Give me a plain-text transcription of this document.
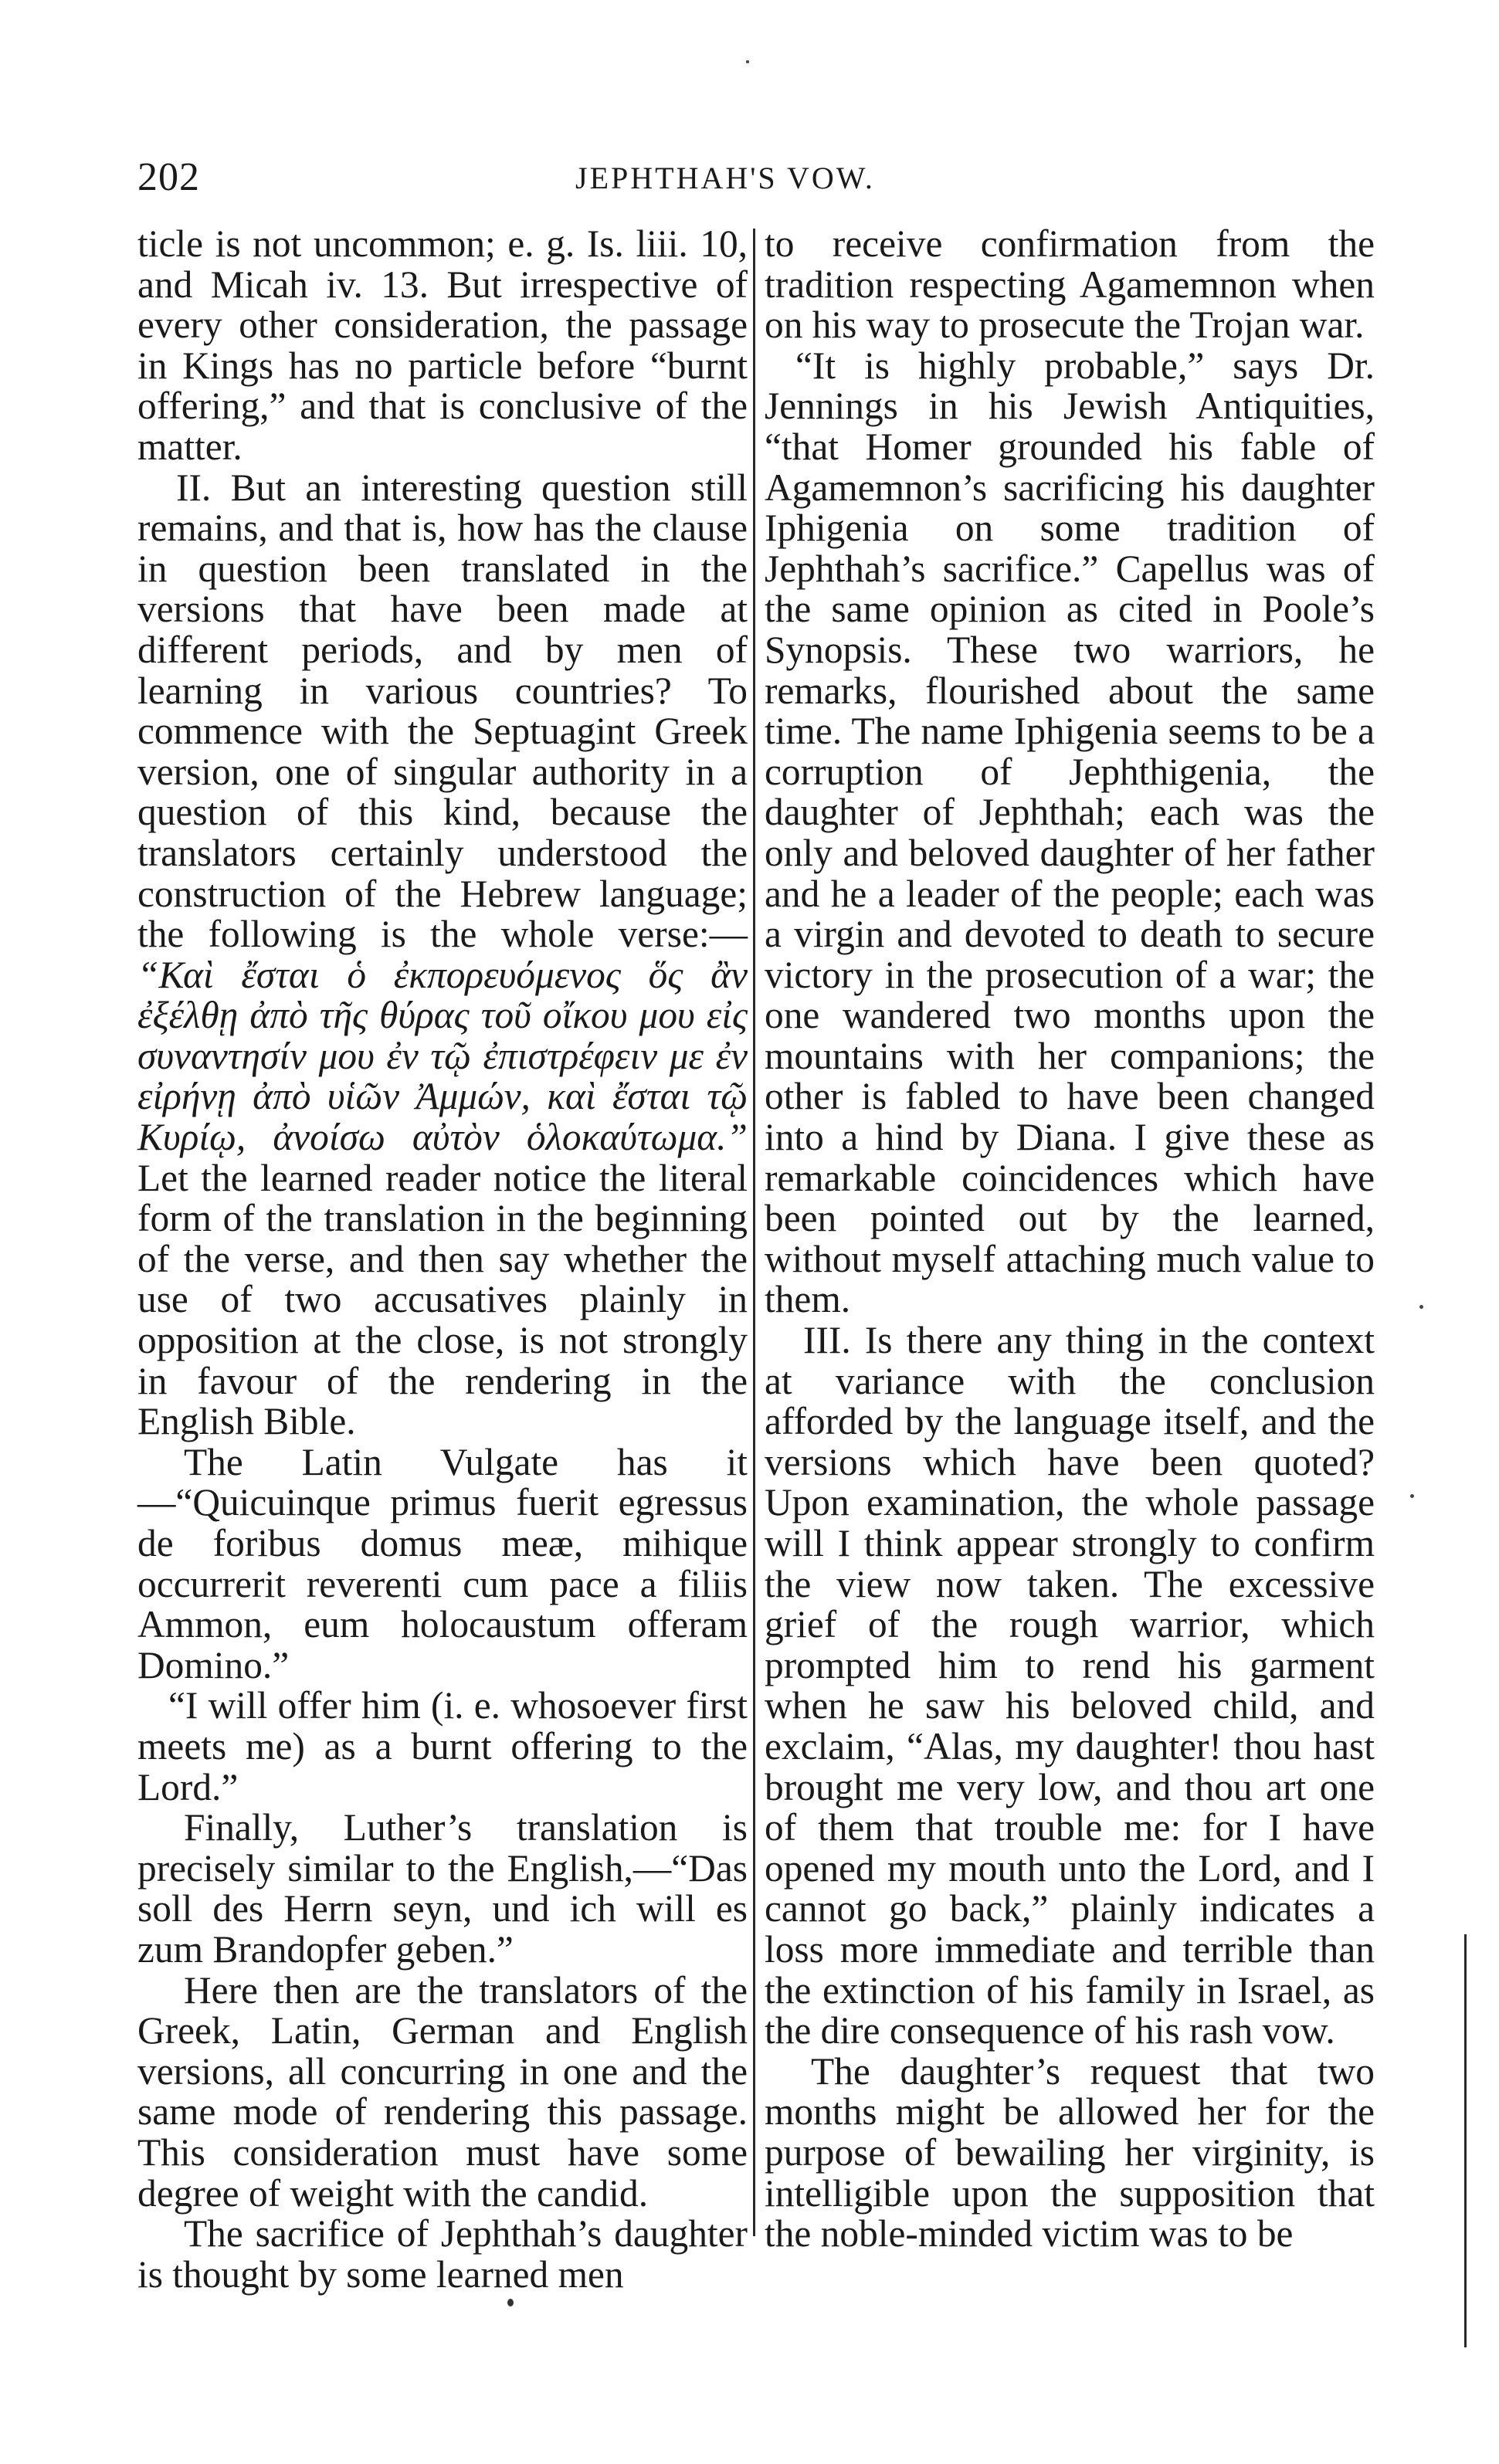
202	JEPHTHAH'S VOW.

ticle is not uncommon; e. g. Is. liii. 10, and Micah iv. 13. But irrespective of every other consideration, the passage in Kings has no particle before “burnt offering,” and that is conclusive of the matter.

II. But an interesting question still remains, and that is, how has the clause in question been translated in the versions that have been made at different periods, and by men of learning in various countries? To commence with the Septuagint Greek version, one of singular authority in a question of this kind, because the translators certainly understood the construction of the Hebrew language; the following is the whole verse:— “Καὶ ἔσται ὁ ἐκπορευόμενος ὅς ἂν ἐξέλθῃ ἀπὸ τῆς θύρας τοῦ οἴκου μου εἰς συναντησίν μου ἐν τῷ ἐπιστρέφειν με ἐν εἰρήνῃ ἀπὸ υἱῶν Ἀμμών, καὶ ἔσται τῷ Κυρίῳ, ἀνοίσω αὐτὸν ὁλοκαύτωμα.” Let the learned reader notice the literal form of the translation in the beginning of the verse, and then say whether the use of two accusatives plainly in opposition at the close, is not strongly in favour of the rendering in the English Bible.

The Latin Vulgate has it—“Quicuinque primus fuerit egressus de foribus domus meæ, mihique occurrerit reverenti cum pace a filiis Ammon, eum holocaustum offeram Domino.”

“I will offer him (i. e. whosoever first meets me) as a burnt offering to the Lord.”

Finally, Luther’s translation is precisely similar to the English,—“Das soll des Herrn seyn, und ich will es zum Brandopfer geben.”

Here then are the translators of the Greek, Latin, German and English versions, all concurring in one and the same mode of rendering this passage. This consideration must have some degree of weight with the candid.

The sacrifice of Jephthah’s daughter is thought by some learned men

to receive confirmation from the tradition respecting Agamemnon when on his way to prosecute the Trojan war.

“It is highly probable,” says Dr. Jennings in his Jewish Antiquities, “that Homer grounded his fable of Agamemnon’s sacrificing his daughter Iphigenia on some tradition of Jephthah’s sacrifice.” Capellus was of the same opinion as cited in Poole’s Synopsis. These two warriors, he remarks, flourished about the same time. The name Iphigenia seems to be a corruption of Jephthigenia, the daughter of Jephthah; each was the only and beloved daughter of her father and he a leader of the people; each was a virgin and devoted to death to secure victory in the prosecution of a war; the one wandered two months upon the mountains with her companions; the other is fabled to have been changed into a hind by Diana. I give these as remarkable coincidences which have been pointed out by the learned, without myself attaching much value to them.

III. Is there any thing in the context at variance with the conclusion afforded by the language itself, and the versions which have been quoted? Upon examination, the whole passage will I think appear strongly to confirm the view now taken. The excessive grief of the rough warrior, which prompted him to rend his garment when he saw his beloved child, and exclaim, “Alas, my daughter! thou hast brought me very low, and thou art one of them that trouble me: for I have opened my mouth unto the Lord, and I cannot go back,” plainly indicates a loss more immediate and terrible than the extinction of his family in Israel, as the dire consequence of his rash vow.

The daughter’s request that two months might be allowed her for the purpose of bewailing her virginity, is intelligible upon the supposition that the noble-minded victim was to be
